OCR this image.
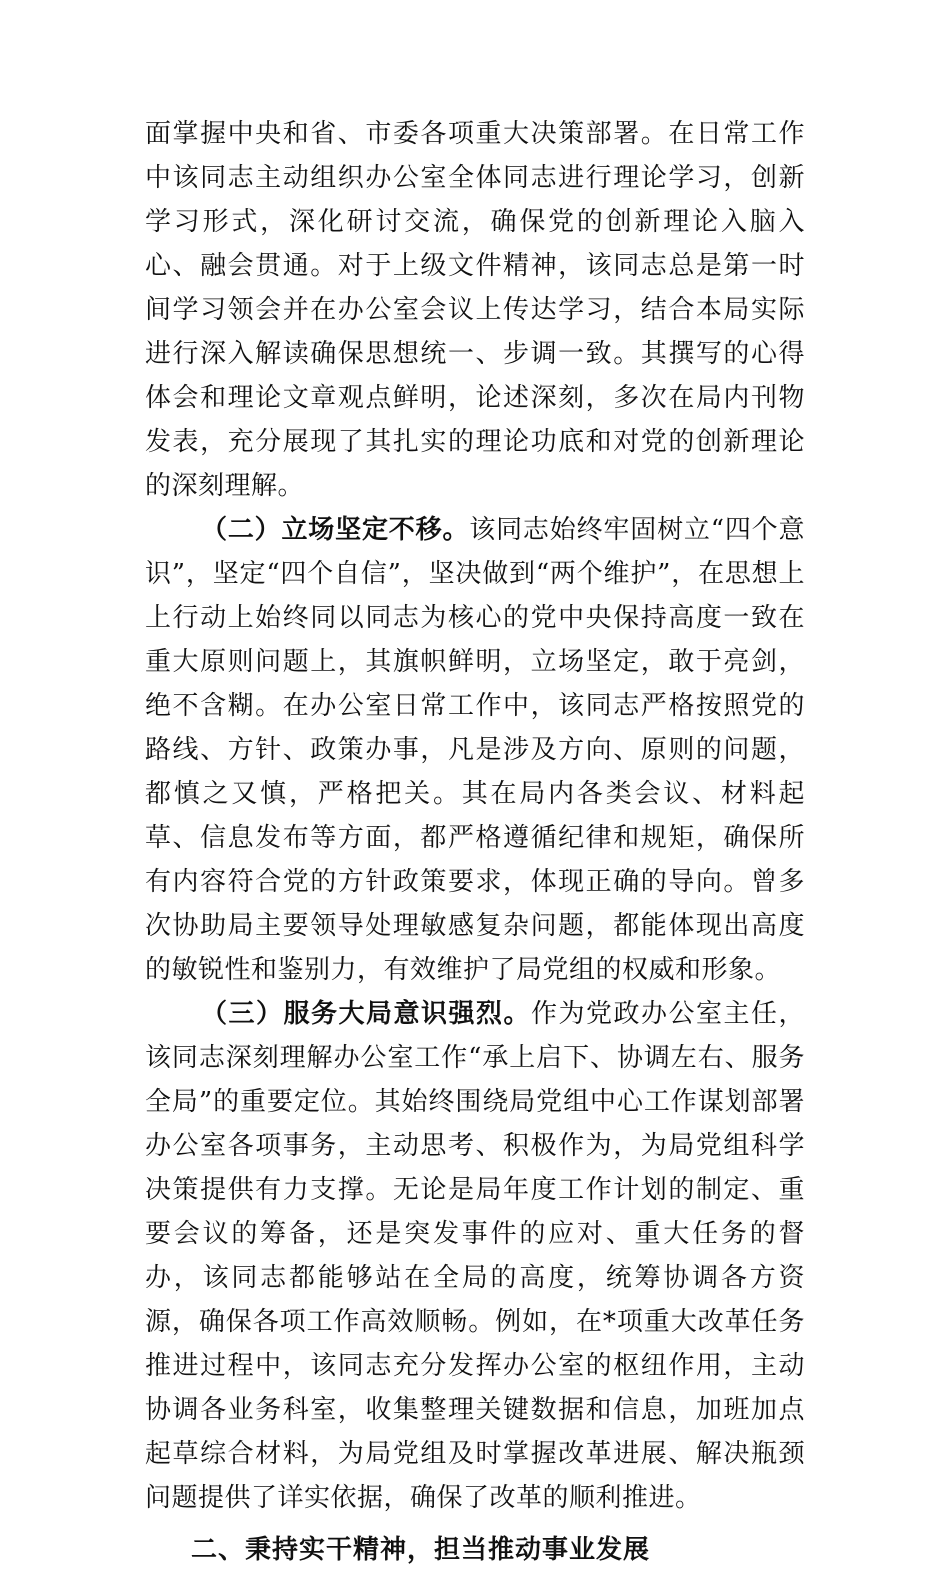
面掌握中央和省、市委各项重大决策部署。在日常工作中该同志主动组织办公室全体同志进行理论学习，创新学习形式，深化研讨交流，确保党的创新理论入脑入心、融会贯通。对于上级文件精神，该同志总是第一时间学习领会并在办公室会议上传达学习，结合本局实际进行深入解读确保思想统一、步调一致。其撰写的心得体会和理论文章观点鲜明，论述深刻，多次在局内刊物发表，充分展现了其扎实的理论功底和对党的创新理论的深刻理解。

（二）立场坚定不移。该同志始终牢固树立“四个意识”，坚定“四个自信”，坚决做到“两个维护”，在思想上上行动上始终同以同志为核心的党中央保持高度一致在重大原则问题上，其旗帜鲜明，立场坚定，敢于亮剑，绝不含糊。在办公室日常工作中，该同志严格按照党的路线、方针、政策办事，凡是涉及方向、原则的问题，都慎之又慎，严格把关。其在局内各类会议、材料起草、信息发布等方面，都严格遵循纪律和规矩，确保所有内容符合党的方针政策要求，体现正确的导向。曾多次协助局主要领导处理敏感复杂问题，都能体现出高度的敏锐性和鉴别力，有效维护了局党组的权威和形象。

（三）服务大局意识强烈。作为党政办公室主任，该同志深刻理解办公室工作“承上启下、协调左右、服务全局”的重要定位。其始终围绕局党组中心工作谋划部署办公室各项事务，主动思考、积极作为，为局党组科学决策提供有力支撑。无论是局年度工作计划的制定、重要会议的筹备，还是突发事件的应对、重大任务的督办，该同志都能够站在全局的高度，统筹协调各方资源，确保各项工作高效顺畅。例如，在*项重大改革任务推进过程中，该同志充分发挥办公室的枢纽作用，主动协调各业务科室，收集整理关键数据和信息，加班加点起草综合材料，为局党组及时掌握改革进展、解决瓶颈问题提供了详实依据，确保了改革的顺利推进。

二、秉持实干精神，担当推动事业发展
